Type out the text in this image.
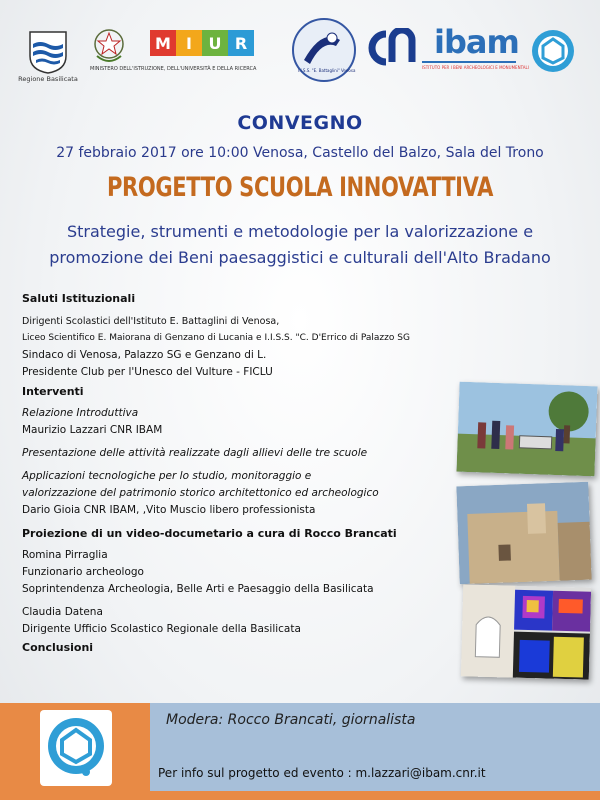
Regione Basilicata
M I	U R
MINISTERO DELL'ISTRUZIONE, DELL'UNIVERSITÀ E DELLA RICERCA	I.I.S.S. "E. Battaglini" Venosa
ibam
ISTITUTO PER I BENI ARCHEOLOGICI E MONUMENTALI
CONVEGNO
27 febbraio 2017 ore 10:00 Venosa, Castello del Balzo, Sala del Trono
PROGETTO SCUOLA INNOVATTIVA
Strategie, strumenti e metodologie per la valorizzazione e
promozione dei Beni paesaggistici e culturali dell'Alto Bradano
Saluti Istituzionali
Dirigenti Scolastici dell'Istituto E. Battaglini di Venosa,
Liceo Scientifico E. Maiorana di Genzano di Lucania e I.I.S.S. "C. D'Errico di Palazzo SG
Sindaco di Venosa, Palazzo SG e Genzano di L.
Presidente Club per l'Unesco del Vulture - FICLU
Interventi
Relazione Introduttiva
Maurizio Lazzari CNR IBAM
Presentazione delle attività realizzate dagli allievi delle tre scuole
Applicazioni tecnologiche per lo studio, monitoraggio e
valorizzazione del patrimonio storico architettonico ed archeologico
Dario Gioia CNR IBAM, ,Vito Muscio libero professionista
Proiezione di un video-documetario a cura di Rocco Brancati
Romina Pirraglia
Funzionario archeologo
Soprintendenza Archeologia, Belle Arti e Paesaggio della Basilicata
Claudia Datena
Dirigente Ufficio Scolastico Regionale della Basilicata
Conclusioni
Modera: Rocco Brancati, giornalista
Per info sul progetto ed evento : m.lazzari@ibam.cnr.it
